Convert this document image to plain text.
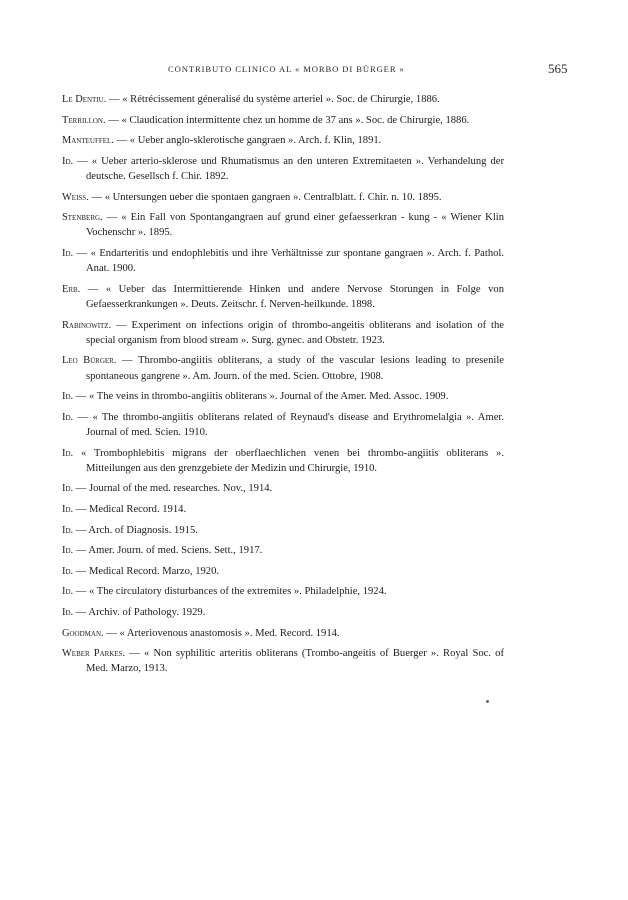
CONTRIBUTO CLINICO AL « MORBO DI BÜRGER »	565
Le Dentiu. — « Rétrécissement géneralisé du système arteriel ». Soc. de Chirurgie, 1886.
Terrillon. — « Claudication intermittente chez un homme de 37 ans ». Soc. de Chirurgie, 1886.
Manteuffel. — « Ueber anglo-sklerotische gangraen ». Arch. f. Klin, 1891.
Id. — « Ueber arterio-sklerose und Rhumatismus an den unteren Extremitaeten ». Verhandelung der deutsche. Gesellsch f. Chir. 1892.
Weiss. — « Untersungen ueber die spontaen gangraen ». Centralblatt. f. Chir. n. 10. 1895.
Stenberg. — « Ein Fall von Spontangangraen auf grund einer gefaesserkran - kung - « Wiener Klin Vochenschr ». 1895.
Id. — « Endarteritis und endophlebitis und ihre Verhältnisse zur spontane gangraen ». Arch. f. Pathol. Anat. 1900.
Erb. — « Ueber das Intermittierende Hinken und andere Nervose Storungen in Folge von Gefaesserkrankungen ». Deuts. Zeitschr. f. Nerven-heilkunde. 1898.
Rabinowitz. — Experiment on infections origin of thrombo-angeitis obliterans and isolation of the special organism from blood stream ». Surg. gynec. and Obstetr. 1923.
Leo Bürger. — Thrombo-angiitis obliterans, a study of the vascular lesions leading to presenile spontaneous gangrene ». Am. Journ. of the med. Scien. Ottobre, 1908.
Id. — « The veins in thrombo-angiitis obliterans ». Journal of the Amer. Med. Assoc. 1909.
Id. — « The thrombo-angiitis obliterans related of Reynaud's disease and Erythromelalgia ». Amer. Journal of med. Scien. 1910.
Id. « Trombophlebitis migrans der oberflaechlichen venen bei thrombo-angiitis obliterans ». Mitteilungen aus den grenzgebiete der Medizin und Chirurgie, 1910.
Id. — Journal of the med. researches. Nov., 1914.
Id. — Medical Record. 1914.
Id. — Arch. of Diagnosis. 1915.
Id. — Amer. Journ. of med. Sciens. Sett., 1917.
Id. — Medical Record. Marzo, 1920.
Id. — « The circulatory disturbances of the extremites ». Philadelphie, 1924.
Id. — Archiv. of Pathology. 1929.
Goodman. — « Arteriovenous anastomosis ». Med. Record. 1914.
Weber Parkes. — « Non syphilitic arteritis obliterans (Trombo-angeitis of Buerger ». Royal Soc. of Med. Marzo, 1913.
